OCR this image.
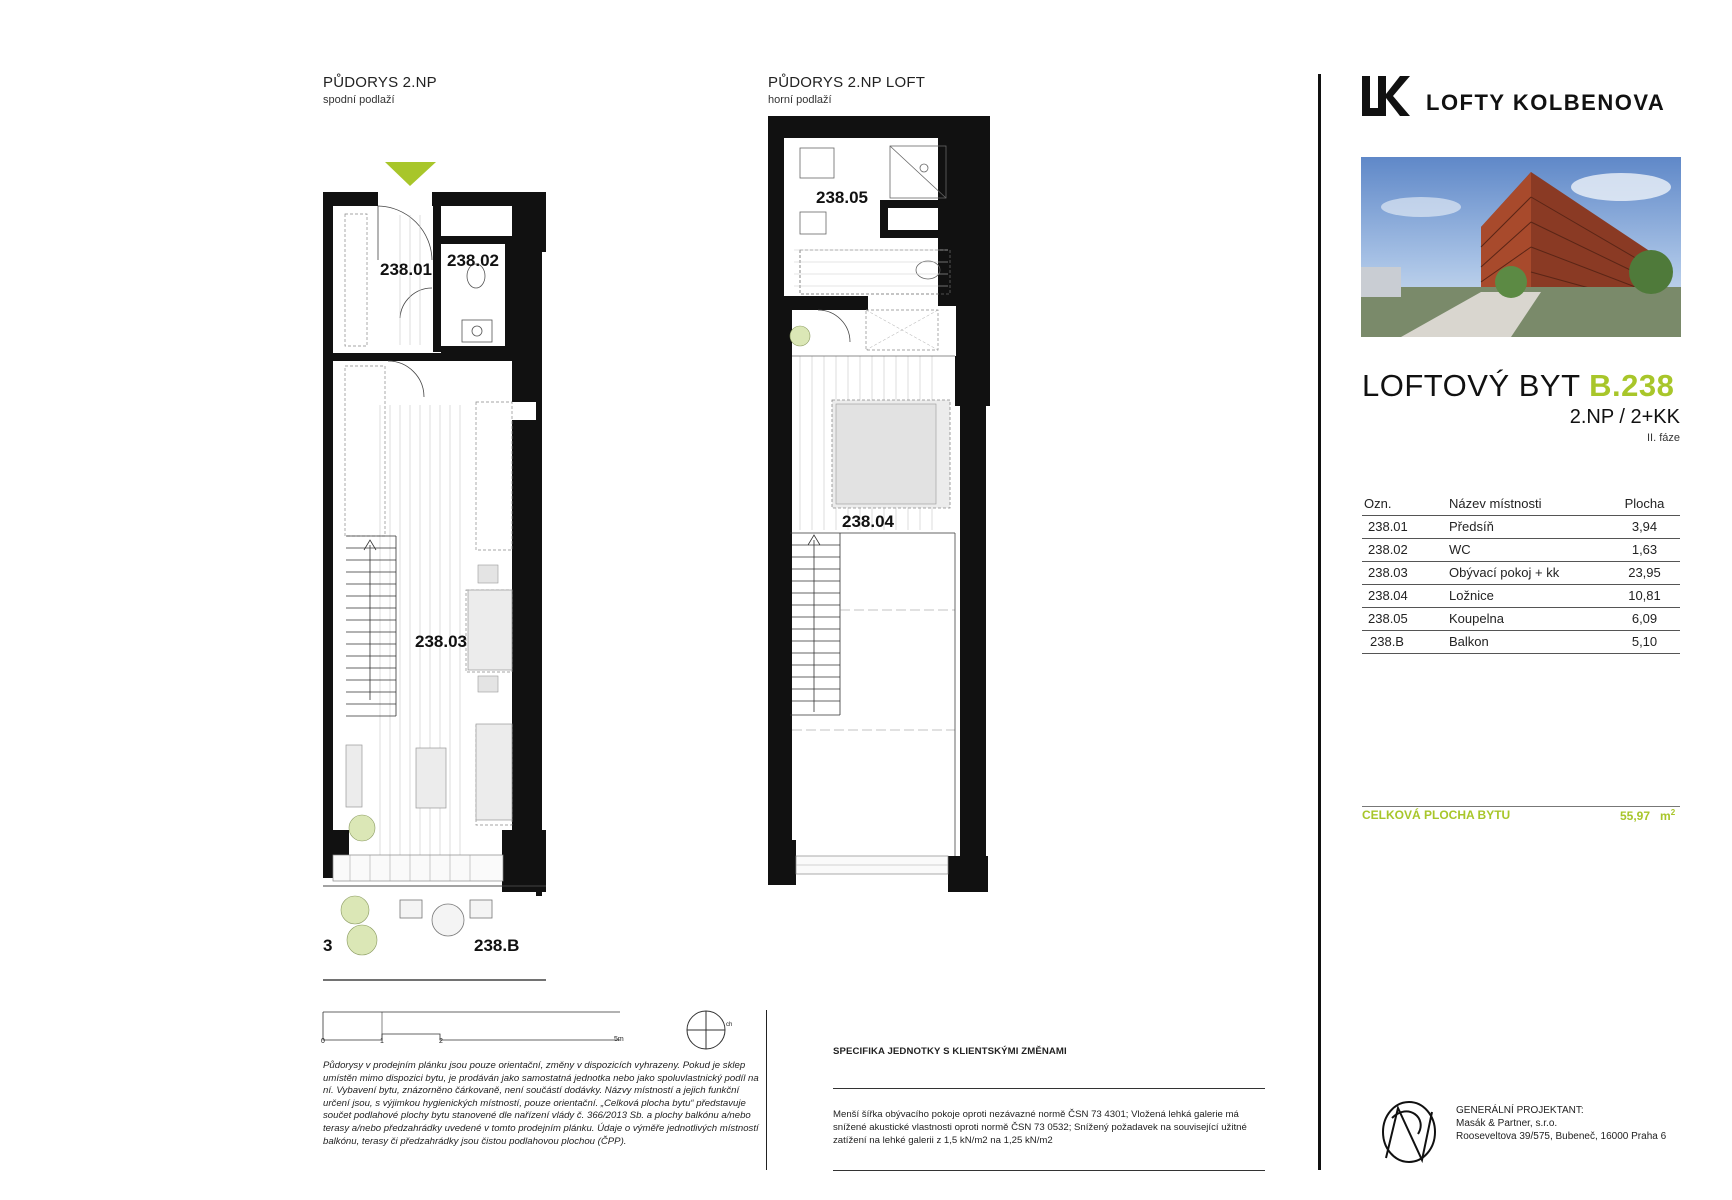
PŮDORYS 2.NP
spodní podlaží
238.01 238.02
238.03
238.B
3
PŮDORYS 2.NP LOFT
horní podlaží
238.05
238.04
0	1	2	5m
ch
Půdorysy v prodejním plánku jsou pouze orientační, změny v dispozicích vyhrazeny. Pokud je sklep umístěn mimo dispozici bytu, je prodáván jako samostatná jednotka nebo jako spoluvlastnický podíl na ní. Vybavení bytu, znázorněno čárkovaně, není součástí dodávky. Názvy místností a jejich funkční určení jsou, s výjimkou hygienických místností, pouze orientační. „Celková plocha bytu“ představuje součet podlahové plochy bytu stanovené dle nařízení vlády č. 366/2013 Sb. a plochy balkónu a/nebo terasy a/nebo předzahrádky uvedené v tomto prodejním plánku. Údaje o výměře jednotlivých místností balkónu, terasy či předzahrádky jsou čistou podlahovou plochou (ČPP).
SPECIFIKA JEDNOTKY S KLIENTSKÝMI ZMĚNAMI
Menší šířka obývacího pokoje oproti nezávazné normě ČSN 73 4301; Vložená lehká galerie má snížené akustické vlastnosti oproti normě ČSN 73 0532; Snížený požadavek na související užitné zatížení na lehké galerii z 1,5 kN/m2 na 1,25 kN/m2
LOFTY KOLBENOVA
LOFTOVÝ BYT B.238
2.NP / 2+KK
II. fáze
Ozn.	Název místnosti	Plocha
238.01	Předsíň	3,94
238.02	WC	1,63
238.03	Obývací pokoj + kk	23,95
238.04	Ložnice	10,81
238.05	Koupelna	6,09
238.B	Balkon	5,10
CELKOVÁ PLOCHA BYTU	55,97 $m^2$
GENERÁLNÍ PROJEKTANT:
Masák & Partner, s.r.o.
Rooseveltova 39/575, Bubeneč, 16000 Praha 6
